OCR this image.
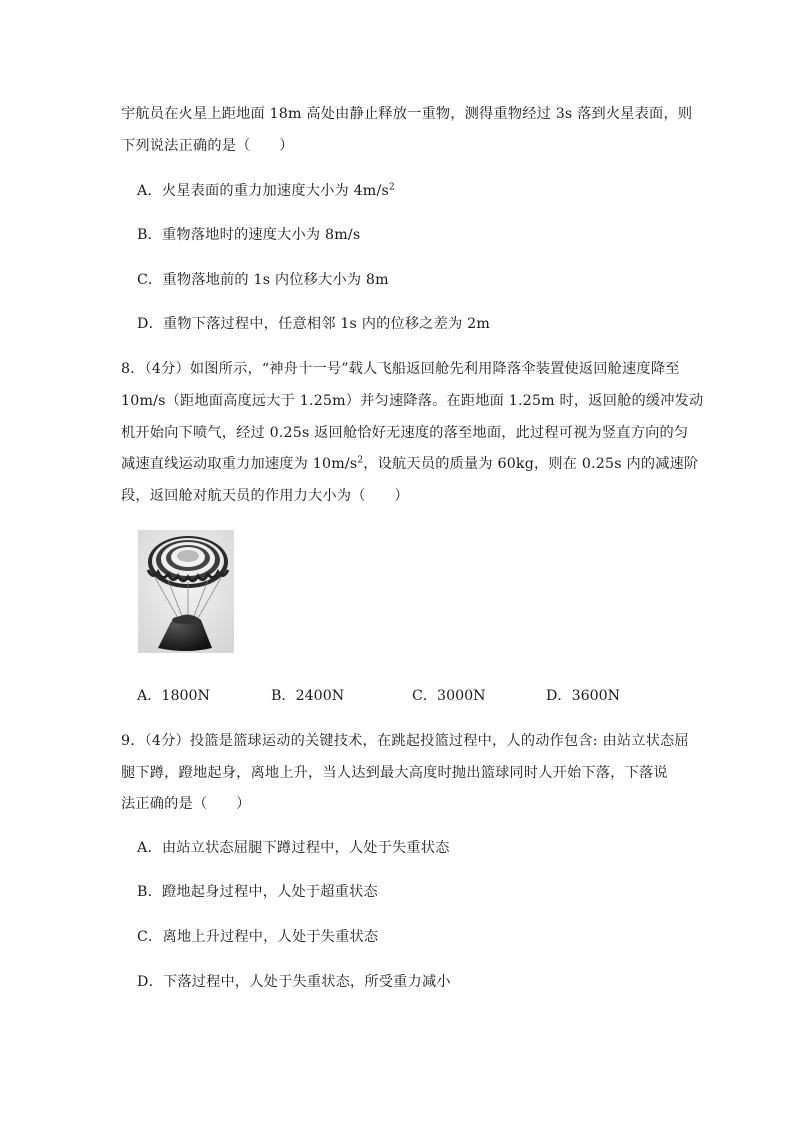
宇航员在火星上距地面 18m 高处由静止释放一重物，测得重物经过 3s 落到火星表面，则
下列说法正确的是（　　）
A．火星表面的重力加速度大小为 $4m/s^2$
B．重物落地时的速度大小为 8m/s
C．重物落地前的 1s 内位移大小为 8m
D．重物下落过程中，任意相邻 1s 内的位移之差为 2m
8．（4分）如图所示，“神舟十一号”载人飞船返回舱先利用降落伞装置使返回舱速度降至
10m/s（距地面高度远大于 1.25m）并匀速降落。在距地面 1.25m 时，返回舱的缓冲发动
机开始向下喷气，经过 0.25s 返回舱恰好无速度的落至地面，此过程可视为竖直方向的匀
减速直线运动取重力加速度为 $10m/s^2$，设航天员的质量为 60kg，则在 0.25s 内的减速阶
段，返回舱对航天员的作用力大小为（　　）
A．1800N	B．2400N	C．3000N	D．3600N
9．（4分）投篮是篮球运动的关键技术，在跳起投篮过程中，人的动作包含: 由站立状态屈
腿下蹲，蹬地起身，离地上升，当人达到最大高度时抛出篮球同时人开始下落，下落说
法正确的是（　　）
A．由站立状态屈腿下蹲过程中，人处于失重状态
B．蹬地起身过程中，人处于超重状态
C．离地上升过程中，人处于失重状态
D．下落过程中，人处于失重状态，所受重力减小
